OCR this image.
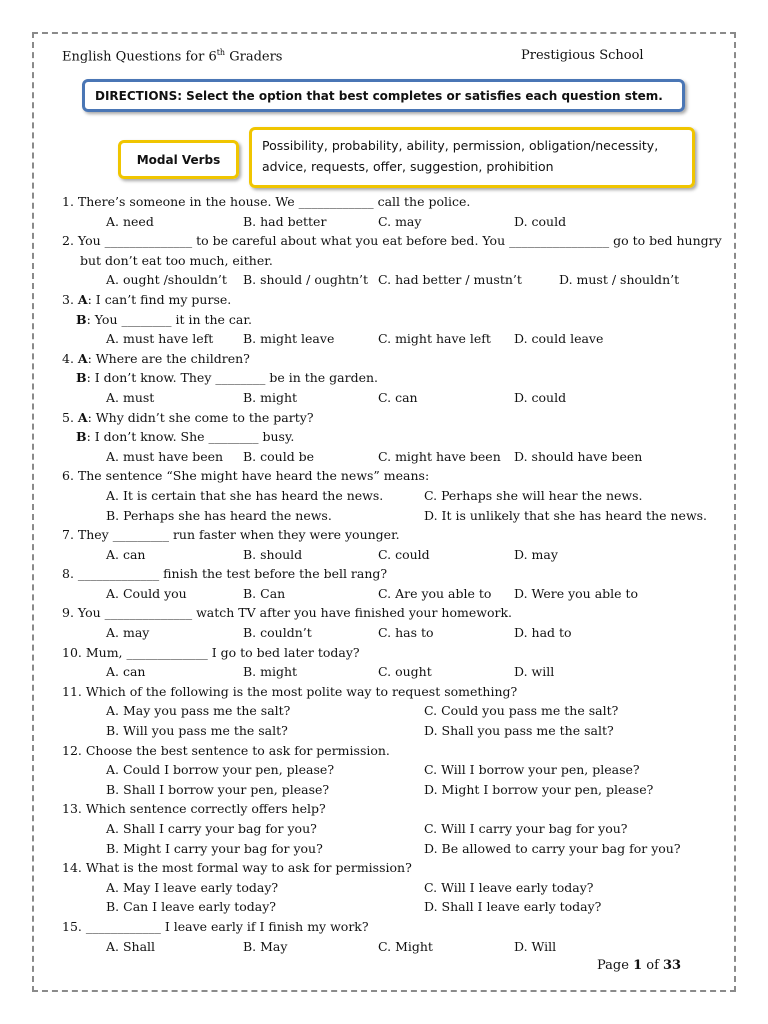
English Questions for 6th Graders	Prestigious School
DIRECTIONS: Select the option that best completes or satisfies each question stem.
Modal Verbs
Possibility, probability, ability, permission, obligation/necessity,
advice, requests, offer, suggestion, prohibition
1. There’s someone in the house. We ____________ call the police.
A. need	B. had better	C. may	D. could
2. You ______________ to be careful about what you eat before bed. You ________________ go to bed hungry
but don’t eat too much, either.
A. ought /shouldn’t B. should / oughtn’t C. had better / mustn’t	D. must / shouldn’t
3. A: I can’t find my purse.
B: You ________ it in the car.
A. must have left B. might leave	C. might have left D. could leave
4. A: Where are the children?
B: I don’t know. They ________ be in the garden.
A. must	B. might	C. can	D. could
5. A: Why didn’t she come to the party?
B: I don’t know. She ________ busy.
A. must have been B. could be	C. might have been D. should have been
6. The sentence “She might have heard the news” means:
A. It is certain that she has heard the news.	C. Perhaps she will hear the news.
B. Perhaps she has heard the news.	D. It is unlikely that she has heard the news.
7. They _________ run faster when they were younger.
A. can	B. should	C. could	D. may
8. _____________ finish the test before the bell rang?
A. Could you	B. Can	C. Are you able to D. Were you able to
9. You ______________ watch TV after you have finished your homework.
A. may	B. couldn’t	C. has to	D. had to
10. Mum, _____________ I go to bed later today?
A. can	B. might	C. ought	D. will
11. Which of the following is the most polite way to request something?
A. May you pass me the salt?	C. Could you pass me the salt?
B. Will you pass me the salt?	D. Shall you pass me the salt?
12. Choose the best sentence to ask for permission.
A. Could I borrow your pen, please?	C. Will I borrow your pen, please?
B. Shall I borrow your pen, please?	D. Might I borrow your pen, please?
13. Which sentence correctly offers help?
A. Shall I carry your bag for you?	C. Will I carry your bag for you?
B. Might I carry your bag for you?	D. Be allowed to carry your bag for you?
14. What is the most formal way to ask for permission?
A. May I leave early today?	C. Will I leave early today?
B. Can I leave early today?	D. Shall I leave early today?
15. ____________ I leave early if I finish my work?
A. Shall	B. May	C. Might	D. Will
Page 1 of 33
